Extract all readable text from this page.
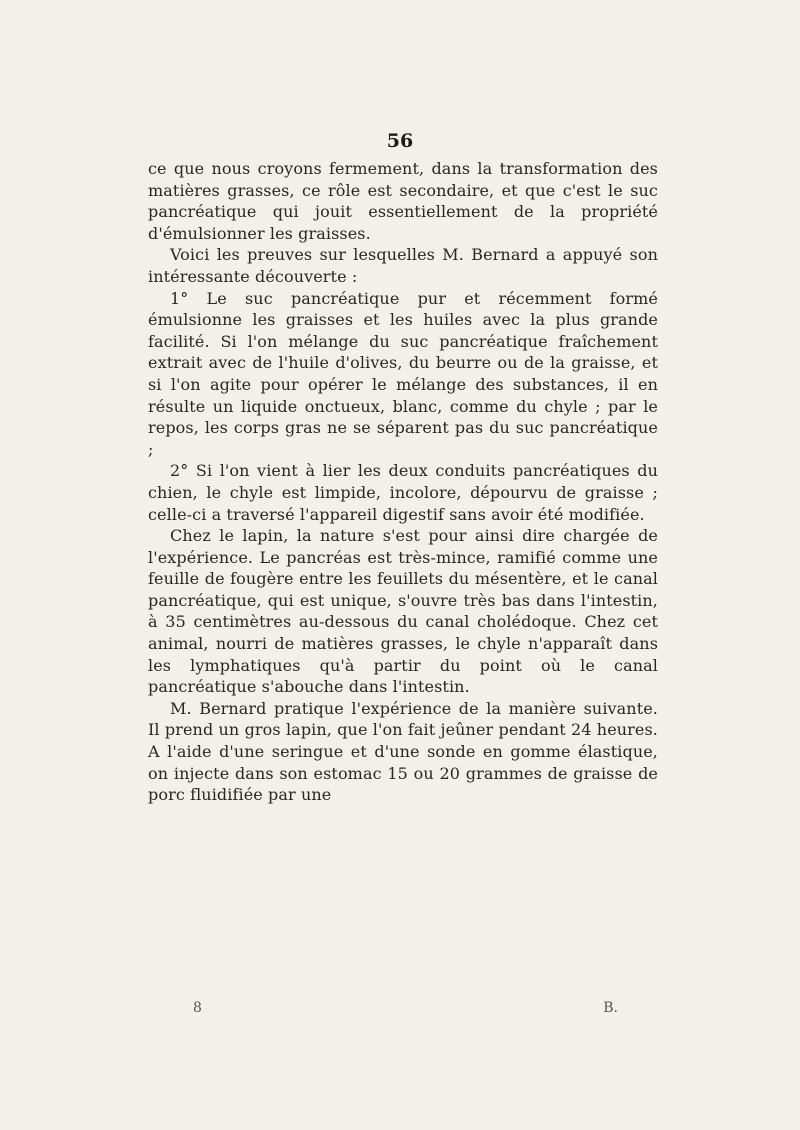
56

ce que nous croyons fermement, dans la transformation des matières grasses, ce rôle est secondaire, et que c'est le suc pancréatique qui jouit essentiellement de la propriété d'émulsionner les graisses.

Voici les preuves sur lesquelles M. Bernard a appuyé son intéressante découverte :

1° Le suc pancréatique pur et récemment formé émulsionne les graisses et les huiles avec la plus grande facilité. Si l'on mélange du suc pancréatique fraîchement extrait avec de l'huile d'olives, du beurre ou de la graisse, et si l'on agite pour opérer le mélange des substances, il en résulte un liquide onctueux, blanc, comme du chyle ; par le repos, les corps gras ne se séparent pas du suc pancréatique ;

2° Si l'on vient à lier les deux conduits pancréatiques du chien, le chyle est limpide, incolore, dépourvu de graisse ; celle-ci a traversé l'appareil digestif sans avoir été modifiée.

Chez le lapin, la nature s'est pour ainsi dire chargée de l'expérience. Le pancréas est très-mince, ramifié comme une feuille de fougère entre les feuillets du mésentère, et le canal pancréatique, qui est unique, s'ouvre très bas dans l'intestin, à 35 centimètres au-dessous du canal cholédoque. Chez cet animal, nourri de matières grasses, le chyle n'apparaît dans les lymphatiques qu'à partir du point où le canal pancréatique s'abouche dans l'intestin.

M. Bernard pratique l'expérience de la manière suivante. Il prend un gros lapin, que l'on fait jeûner pendant 24 heures. A l'aide d'une seringue et d'une sonde en gomme élastique, on injecte dans son estomac 15 ou 20 grammes de graisse de porc fluidifiée par une

8	B.
